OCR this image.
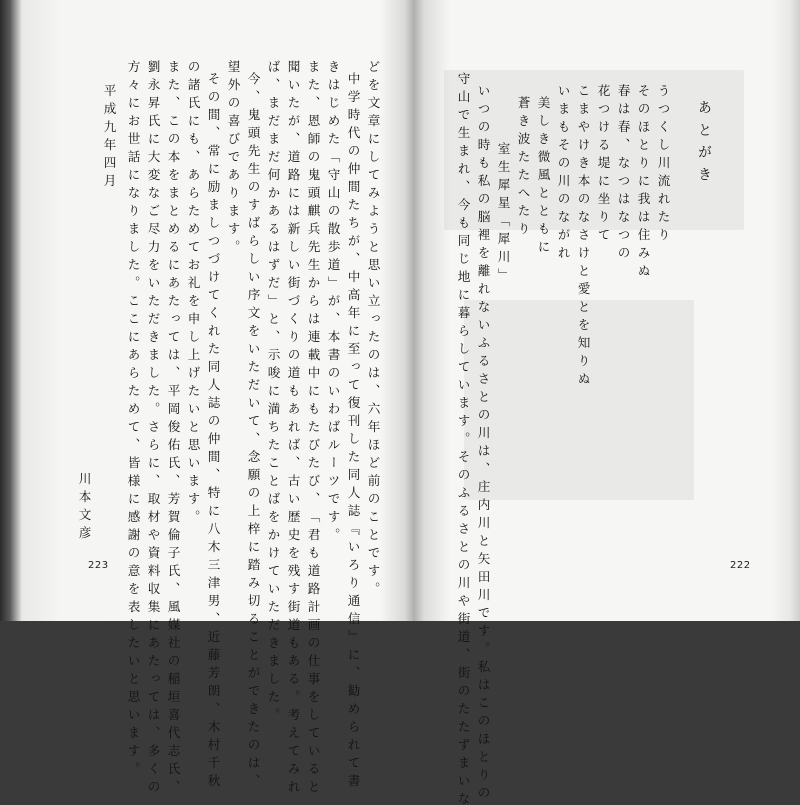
ど を 文 章 に し て み よ う と 思 い 立 っ た の は 、 六 年 ほ ど 前 の こ と で す 。
中 学 時 代 の 仲 間 た ち が 、 中 高 年 に 至 っ て 復 刊 し た 同 人 誌 『 い ろ り 通 信 』 に 、 勧 め ら れ て 書
き は じ め た 「 守 山 の 散 歩 道 」 が 、 本 書 の い わ ば ル ー ツ で す 。
ま た 、 恩 師 の 鬼 頭 麒 兵 先 生 か ら は 連 載 中 に も た び た び 、 「 君 も 道 路 計 画 の 仕 事 を し て い る と
聞 い た が 、 道 路 に は 新 し い 街 づ く り の 道 も あ れ ば 、 古 い 歴 史 を 残 す 街 道 も あ る 。 考 え て み れ
ば 、 ま だ ま だ 何 か あ る は ず だ 」 と 、 示 唆 に 満 ち た こ と ば を か け て い た だ き ま し た 。
今 、 鬼 頭 先 生 の す ば ら し い 序 文 を い た だ い て 、 念 願 の 上 梓 に 踏 み 切 る こ と が で き た の は 、
望 外 の 喜 び で あ り ま す 。
そ の 間 、 常 に 励 ま し つ づ け て く れ た 同 人 誌 の 仲 間 、 特 に 八 木 三 津 男 、 近 藤 芳 朗 、 木 村 千 秋
の 諸 氏 に も 、 あ ら た め て お 礼 を 申 し 上 げ た い と 思 い ま す 。
ま た 、 こ の 本 を ま と め る に あ た っ て は 、 平 岡 俊 佑 氏 、 芳 賀 倫 子 氏 、 風 媒 社 の 稲 垣 喜 代 志 氏 、
劉 永 昇 氏 に 大 変 な ご 尽 力 を い た だ き ま し た 。 さ ら に 、 取 材 や 資 料 収 集 に あ た っ て は 、 多 く の
方 々 に お 世 話 に な り ま し た 。 こ こ に あ ら た め て 、 皆 様 に 感 謝 の 意 を 表 し た い と 思 い ま す 。
平 成 九 年 四 月
川 本 文 彦
223
あ と が き
う つ く し 川 流 れ た り
そ の ほ と り に 我 は 住 み ぬ
春 は 春 、 な つ は な つ の
花 つ け る 堤 に 坐 り て
こ ま や け き 本 の な さ け と 愛 と を 知 り ぬ
い ま も そ の 川 の な が れ
美 し き 微 風 と と も に
蒼 き 波 た た へ た り
室 生 犀 星 「 犀 川 」
い つ の 時 も 私 の 脳 裡 を 離 れ な い ふ る さ と の 川 は 、 庄 内 川 と 矢 田 川 で す 。 私 は こ の ほ と り の
守 山 で 生 ま れ 、 今 も 同 じ 地 に 暮 ら し て い ま す 。 そ の ふ る さ と の 川 や 街 道 、 街 の た た ず ま い な	222
